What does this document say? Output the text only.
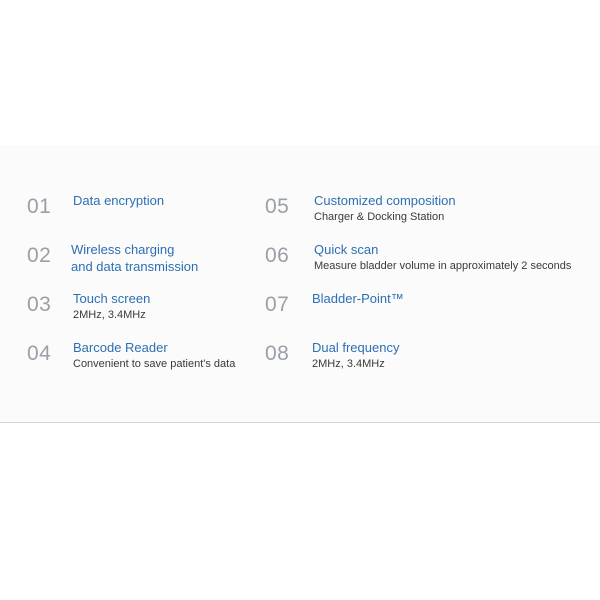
01 Data encryption
02 Wireless charging
and data transmission
03 Touch screen
2MHz, 3.4MHz
04 Barcode Reader
Convenient to save patient's data
05 Customized composition
Charger & Docking Station
06 Quick scan
Measure bladder volume in approximately 2 seconds
07 Bladder-Point™
08 Dual frequency
2MHz, 3.4MHz
